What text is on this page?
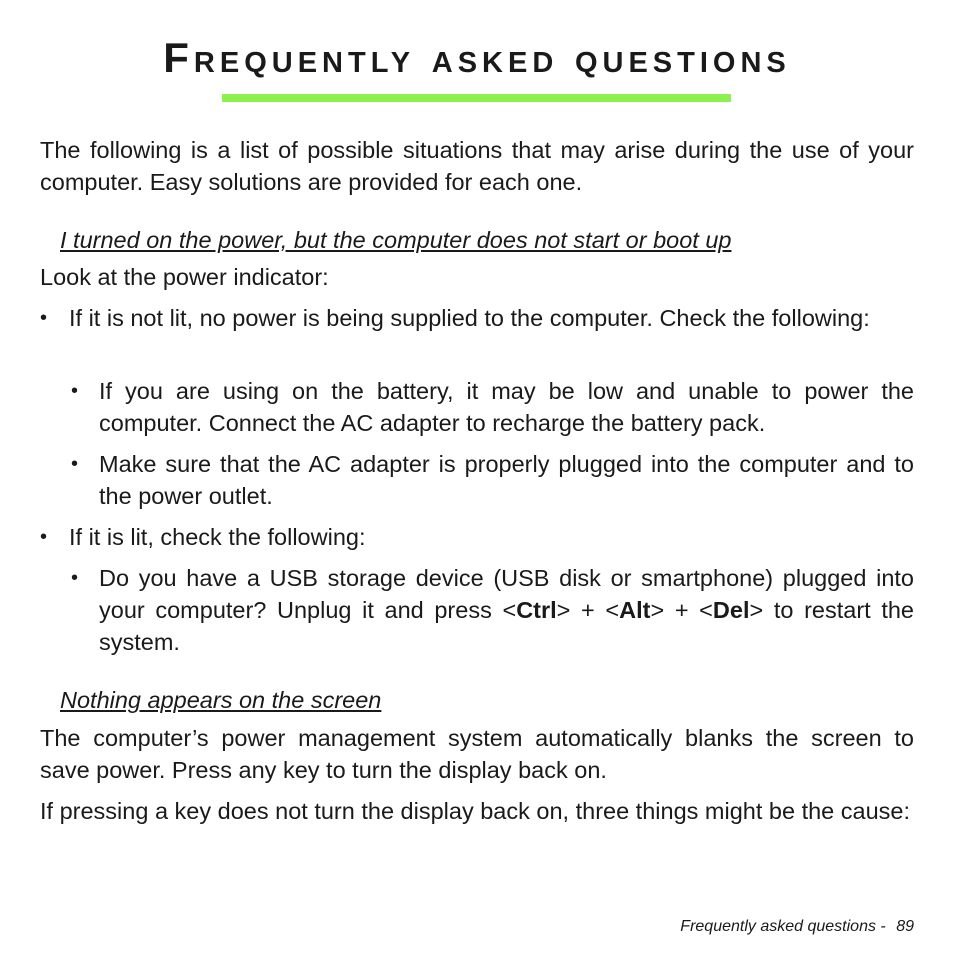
Frequently asked questions

The following is a list of possible situations that may arise during the use of your computer. Easy solutions are provided for each one.

I turned on the power, but the computer does not start or boot up

Look at the power indicator:

• If it is not lit, no power is being supplied to the computer. Check the following:
• If you are using on the battery, it may be low and unable to power the computer. Connect the AC adapter to recharge the battery pack.
• Make sure that the AC adapter is properly plugged into the computer and to the power outlet.
• If it is lit, check the following:
• Do you have a USB storage device (USB disk or smartphone) plugged into your computer? Unplug it and press <Ctrl> + <Alt> + <Del> to restart the system.

Nothing appears on the screen

The computer’s power management system automatically blanks the screen to save power. Press any key to turn the display back on.

If pressing a key does not turn the display back on, three things might be the cause:

Frequently asked questions - 89
